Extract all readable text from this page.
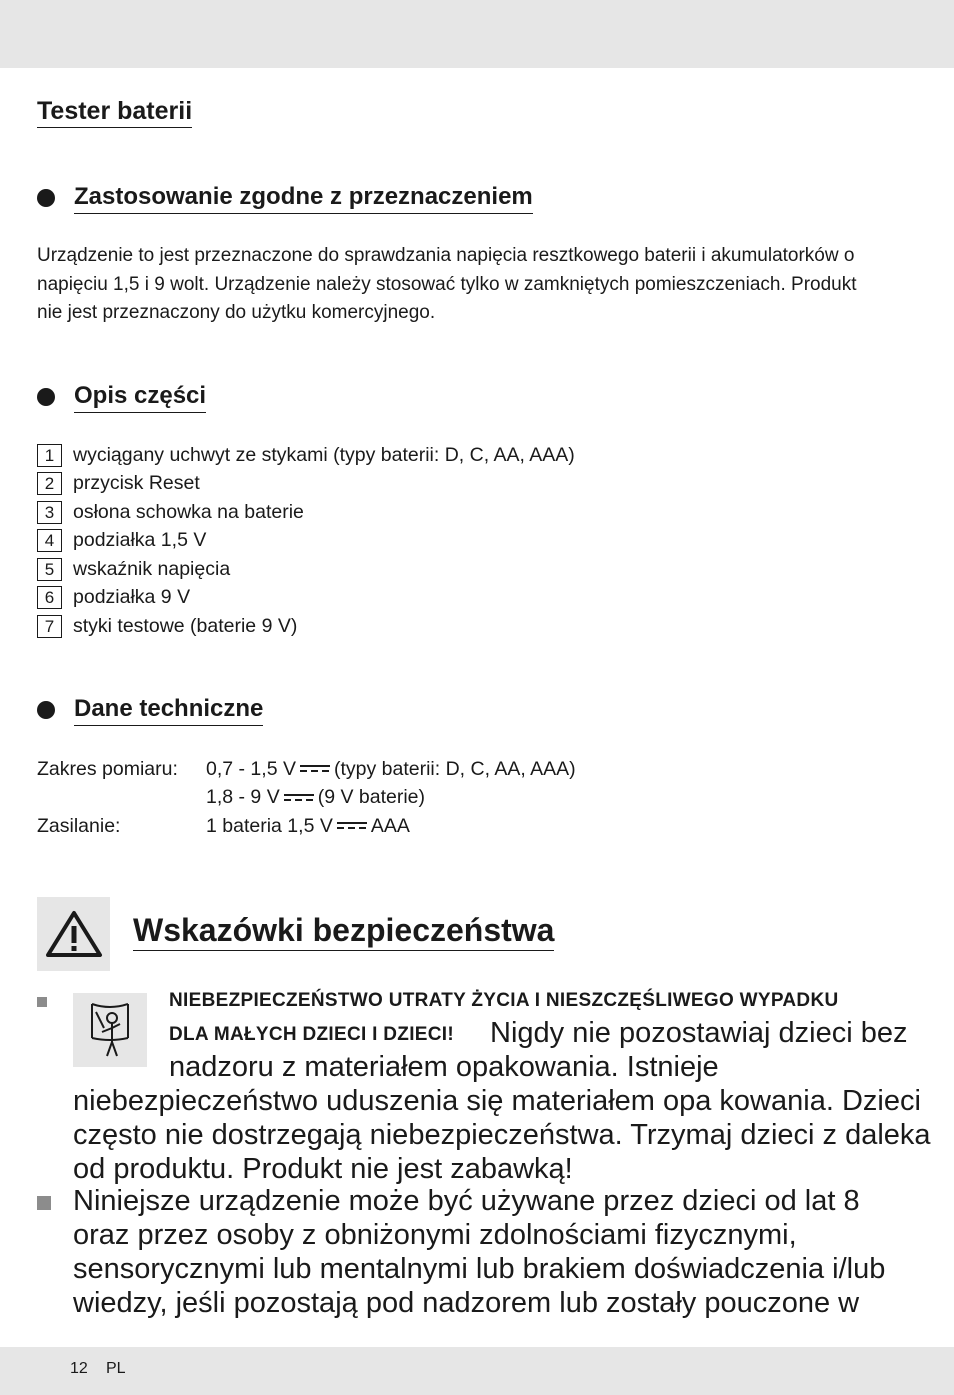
Tester baterii
Zastosowanie zgodne z przeznaczeniem
Urządzenie to jest przeznaczone do sprawdzania napięcia resztkowego baterii i akumulatorków o
napięciu 1,5 i 9 wolt. Urządzenie należy stosować tylko w zamkniętych pomieszczeniach. Produkt
nie jest przeznaczony do użytku komercyjnego.
Opis części
1 wyciągany uchwyt ze stykami (typy baterii: D, C, AA, AAA)
2 przycisk Reset
3 osłona schowka na baterie
4 podziałka 1,5 V
5 wskaźnik napięcia
6 podziałka 9 V
7 styki testowe (baterie 9 V)
Dane techniczne
Zakres pomiaru:	0,7 - 1,5 V (typy baterii: D, C, AA, AAA)
1,8 - 9 V (9 V baterie)
Zasilanie:	1 bateria 1,5 V AAA
Wskazówki bezpieczeństwa
NIEBEZPIECZEŃSTWO UTRATY ŻYCIA I NIESZCZĘŚLIWEGO WYPADKU
DLA MAŁYCH DZIECI I DZIECI! Nigdy nie pozostawiaj dzieci bez
nadzoru z materiałem opakowania. Istnieje
niebezpieczeństwo uduszenia się materiałem opa kowania. Dzieci
często nie dostrzegają niebezpieczeństwa. Trzymaj dzieci z daleka
od produktu. Produkt nie jest zabawką!
Niniejsze urządzenie może być używane przez dzieci od lat 8
oraz przez osoby z obniżonymi zdolnościami fizycznymi,
sensorycznymi lub mentalnymi lub brakiem doświadczenia i/lub
wiedzy, jeśli pozostają pod nadzorem lub zostały pouczone w
12 PL
